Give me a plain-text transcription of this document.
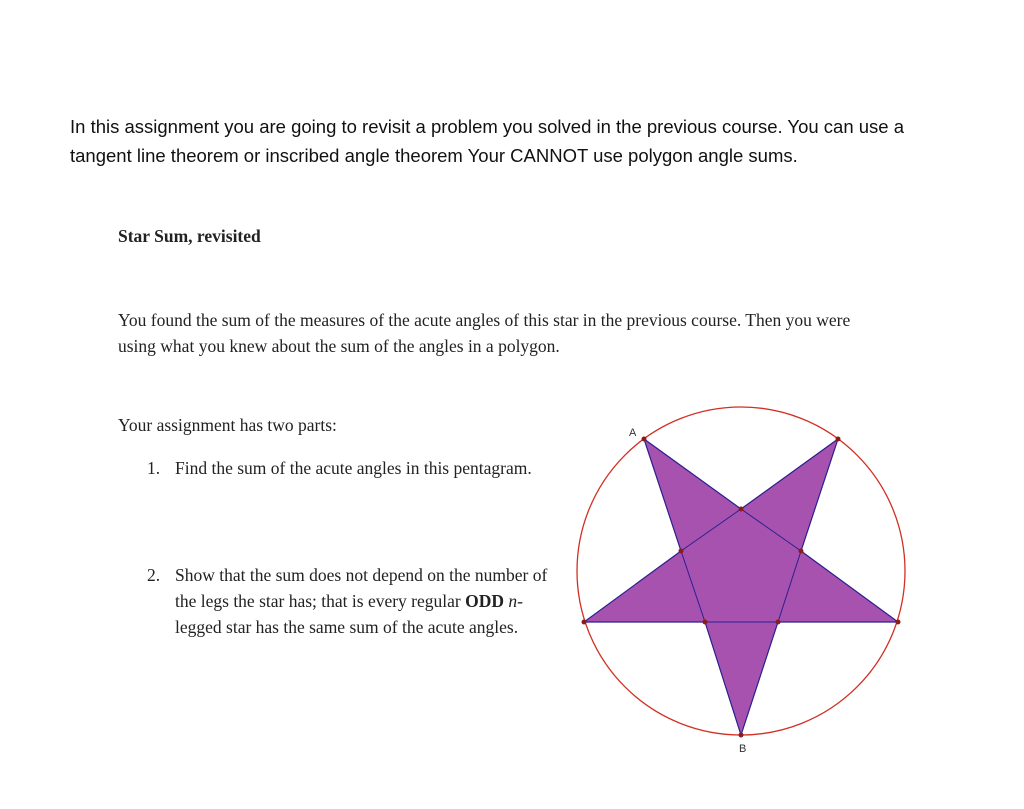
In this assignment you are going to revisit a problem you solved in the previous course. You can use a tangent line theorem or inscribed angle theorem Your CANNOT use polygon angle sums.

Star Sum, revisited

You found the sum of the measures of the acute angles of this star in the previous course. Then you were using what you knew about the sum of the angles in a polygon.

Your assignment has two parts:

1. Find the sum of the acute angles in this pentagram.
2. Show that the sum does not depend on the number of the legs the star has; that is every regular ODD n-legged star has the same sum of the acute angles.
A
B
